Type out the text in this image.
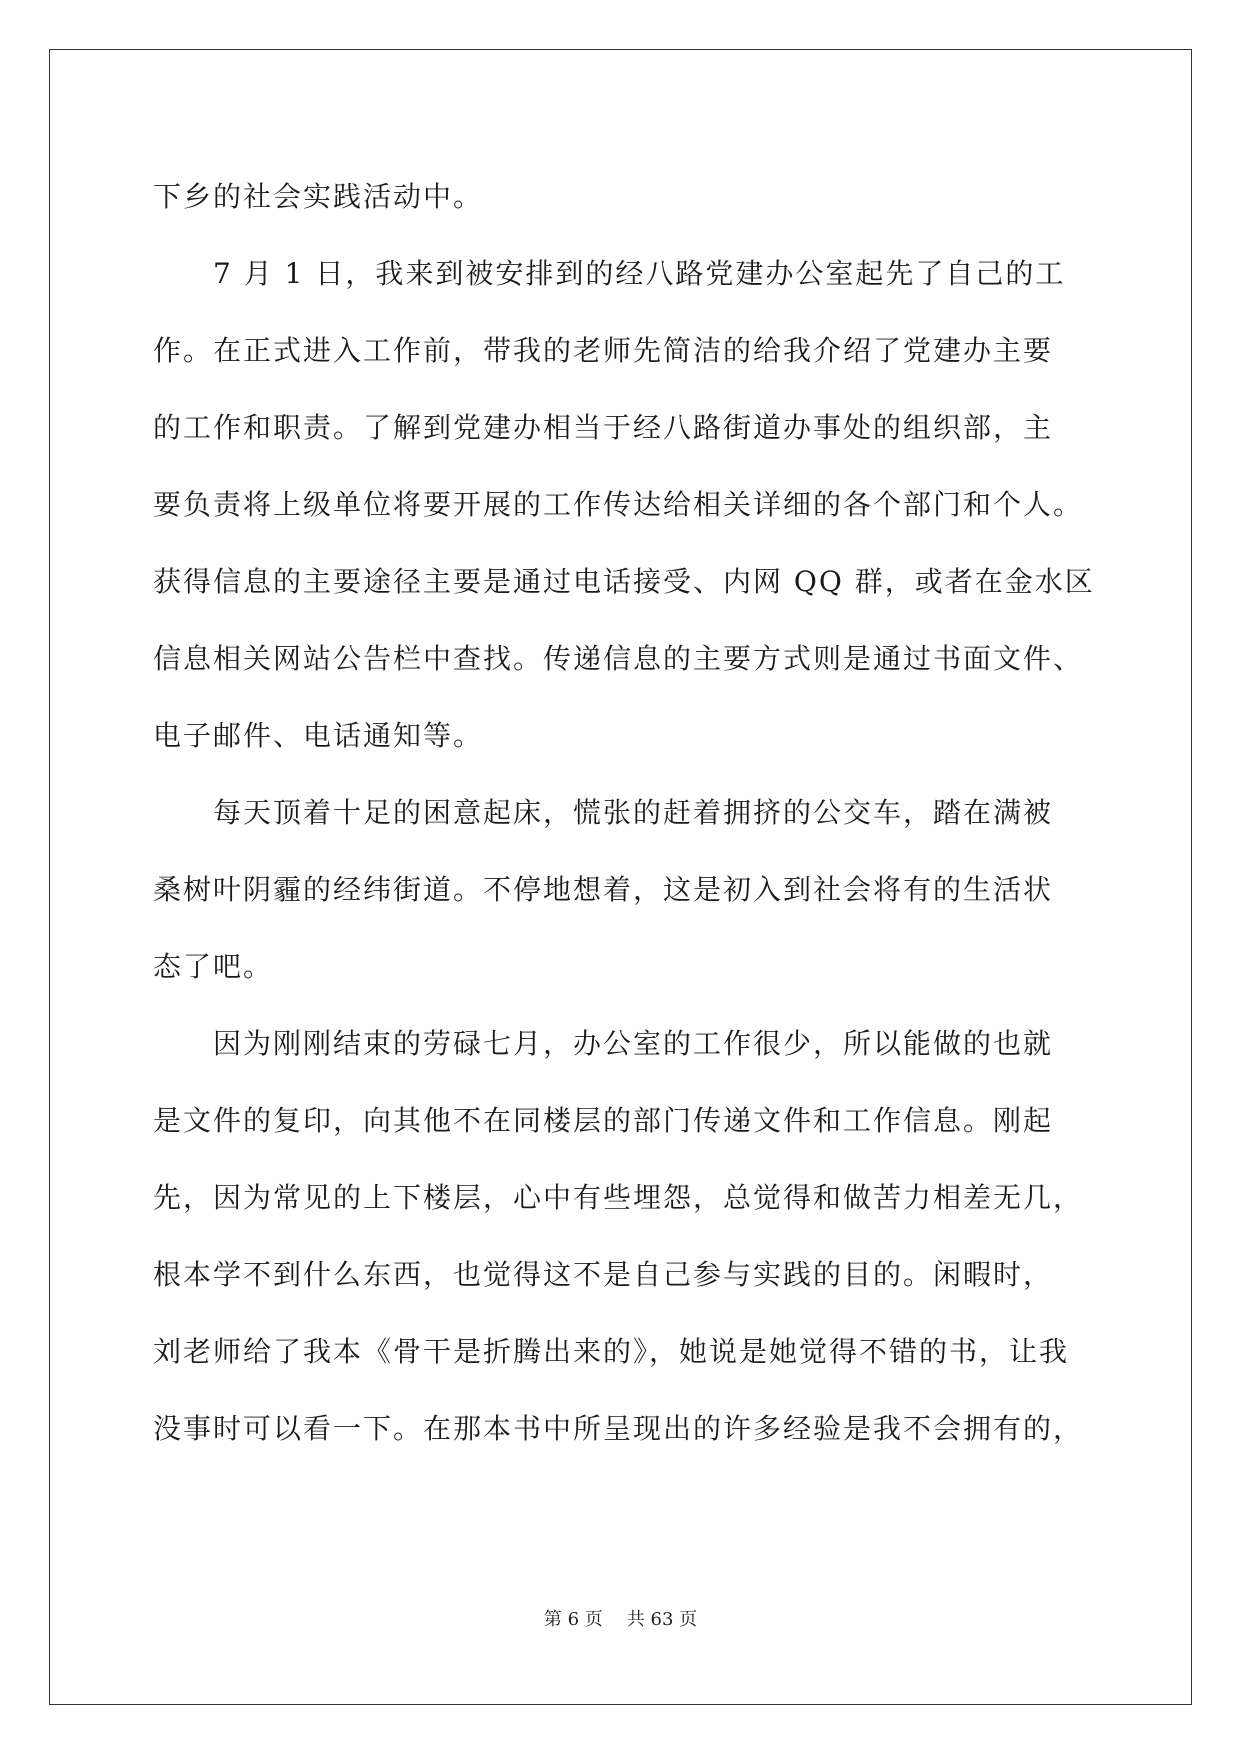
下乡的社会实践活动中。
7 月 1 日，我来到被安排到的经八路党建办公室起先了自己的工
作。在正式进入工作前，带我的老师先简洁的给我介绍了党建办主要
的工作和职责。了解到党建办相当于经八路街道办事处的组织部，主
要负责将上级单位将要开展的工作传达给相关详细的各个部门和个人。
获得信息的主要途径主要是通过电话接受、内网 QQ 群，或者在金水区
信息相关网站公告栏中查找。传递信息的主要方式则是通过书面文件、
电子邮件、电话通知等。
每天顶着十足的困意起床，慌张的赶着拥挤的公交车，踏在满被
桑树叶阴霾的经纬街道。不停地想着，这是初入到社会将有的生活状
态了吧。
因为刚刚结束的劳碌七月，办公室的工作很少，所以能做的也就
是文件的复印，向其他不在同楼层的部门传递文件和工作信息。刚起
先，因为常见的上下楼层，心中有些埋怨，总觉得和做苦力相差无几，
根本学不到什么东西，也觉得这不是自己参与实践的目的。闲暇时，
刘老师给了我本《骨干是折腾出来的》，她说是她觉得不错的书，让我
没事时可以看一下。在那本书中所呈现出的许多经验是我不会拥有的，
第 6 页 共 63 页
